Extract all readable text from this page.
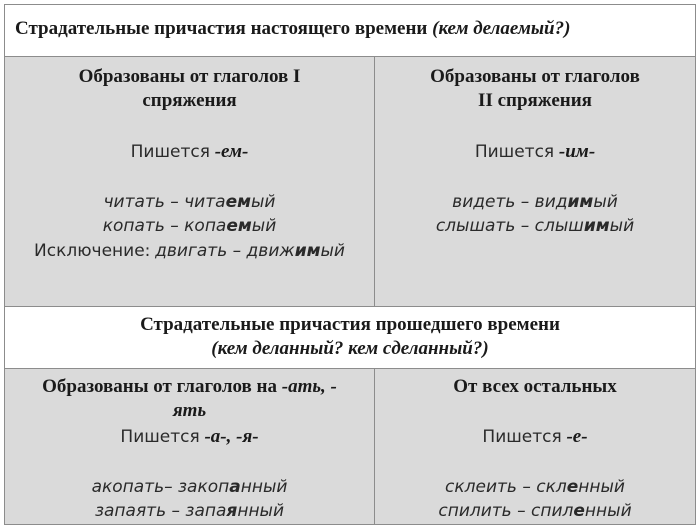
Страдательные причастия настоящего времени (кем делаемый?)
Образованы от глаголов I
спряжения
Пишется -ем-
читать – читаемый
копать – копаемый
Исключение: двигать – движимый
Образованы от глаголов
II спряжения
Пишется -им-
видеть – видимый
слышать – слышимый
Страдательные причастия прошедшего времени
(кем деланный? кем сделанный?)
Образованы от глаголов на -ать, -
ять
Пишется -а-, -я-
акопать– закопанный
запаять – запаянный
От всех остальных
Пишется -е-
склеить – скленный
спилить – спиленный
